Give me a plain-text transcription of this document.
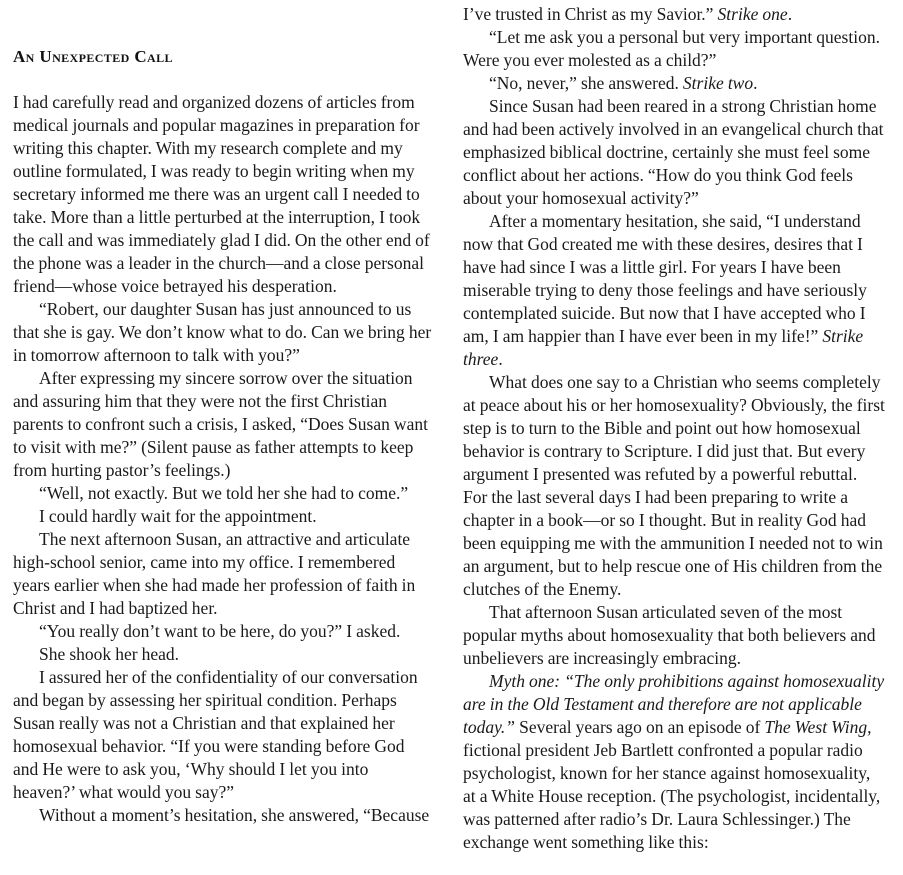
An Unexpected Call

I had carefully read and organized dozens of articles from medical journals and popular magazines in preparation for writing this chapter. With my research complete and my outline formulated, I was ready to begin writing when my secretary informed me there was an urgent call I needed to take. More than a little perturbed at the interruption, I took the call and was immediately glad I did. On the other end of the phone was a leader in the church—and a close personal friend—whose voice betrayed his desperation.

“Robert, our daughter Susan has just announced to us that she is gay. We don’t know what to do. Can we bring her in tomorrow afternoon to talk with you?”

After expressing my sincere sorrow over the situation and assuring him that they were not the first Christian parents to confront such a crisis, I asked, “Does Susan want to visit with me?” (Silent pause as father attempts to keep from hurting pastor’s feelings.)

“Well, not exactly. But we told her she had to come.”

I could hardly wait for the appointment.

The next afternoon Susan, an attractive and articulate high-school senior, came into my office. I remembered years earlier when she had made her profession of faith in Christ and I had baptized her.

“You really don’t want to be here, do you?” I asked.

She shook her head.

I assured her of the confidentiality of our conversation and began by assessing her spiritual condition. Perhaps Susan really was not a Christian and that explained her homosexual behavior. “If you were standing before God and He were to ask you, ‘Why should I let you into heaven?’ what would you say?”

Without a moment’s hesitation, she answered, “Because

I’ve trusted in Christ as my Savior.” Strike one.

“Let me ask you a personal but very important question. Were you ever molested as a child?”

“No, never,” she answered. Strike two.

Since Susan had been reared in a strong Christian home and had been actively involved in an evangelical church that emphasized biblical doctrine, certainly she must feel some conflict about her actions. “How do you think God feels about your homosexual activity?”

After a momentary hesitation, she said, “I understand now that God created me with these desires, desires that I have had since I was a little girl. For years I have been miserable trying to deny those feelings and have seriously contemplated suicide. But now that I have accepted who I am, I am happier than I have ever been in my life!” Strike three.

What does one say to a Christian who seems completely at peace about his or her homosexuality? Obviously, the first step is to turn to the Bible and point out how homosexual behavior is contrary to Scripture. I did just that. But every argument I presented was refuted by a powerful rebuttal. For the last several days I had been preparing to write a chapter in a book—or so I thought. But in reality God had been equipping me with the ammunition I needed not to win an argument, but to help rescue one of His children from the clutches of the Enemy.

That afternoon Susan articulated seven of the most popular myths about homosexuality that both believers and unbelievers are increasingly embracing.

Myth one: “The only prohibitions against homosexuality are in the Old Testament and therefore are not applicable today.” Several years ago on an episode of The West Wing, fictional president Jeb Bartlett confronted a popular radio psychologist, known for her stance against homosexuality, at a White House reception. (The psychologist, incidentally, was patterned after radio’s Dr. Laura Schlessinger.) The exchange went something like this:
